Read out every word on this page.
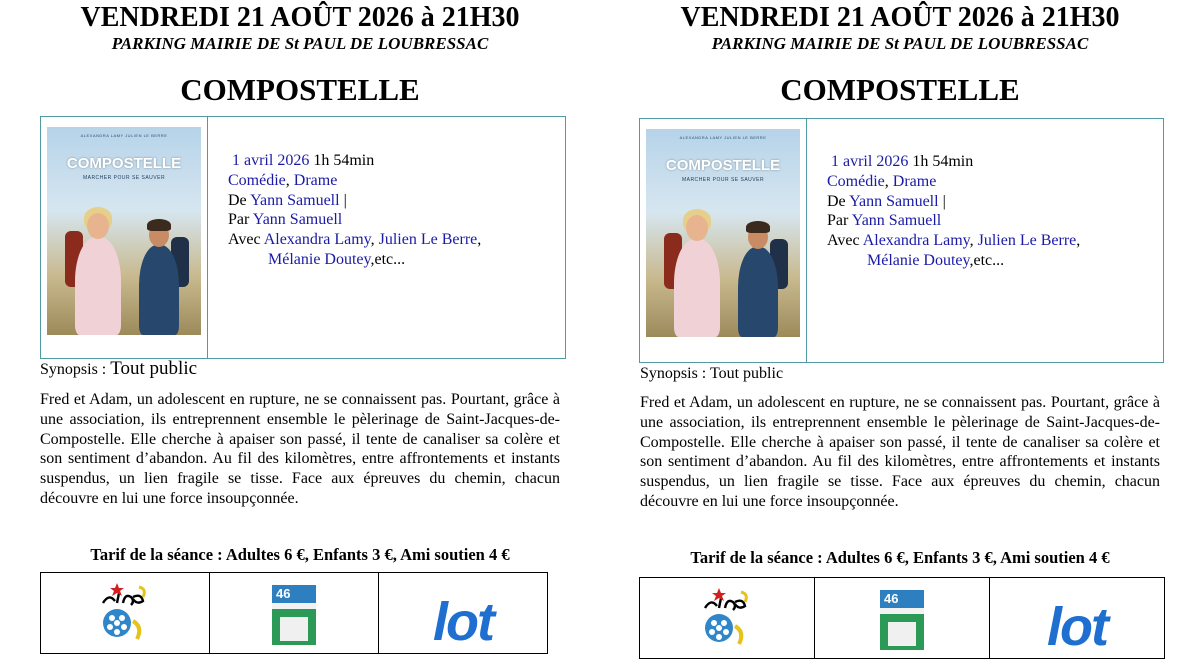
VENDREDI 21 AOÛT 2026 à 21H30
PARKING MAIRIE DE St PAUL DE LOUBRESSAC
COMPOSTELLE
ALEXANDRA LAMY JULIEN LE BERRE
COMPOSTELLE
MARCHER POUR SE SAUVER
1 avril 2026 1h 54min
Comédie, Drame
De Yann Samuell |
Par Yann Samuell
Avec Alexandra Lamy, Julien Le Berre,
Mélanie Doutey,etc...
Synopsis : Tout public
Fred et Adam, un adolescent en rupture, ne se connaissent pas. Pourtant, grâce à une association, ils entreprennent ensemble le pèlerinage de Saint-Jacques-de-Compostelle. Elle cherche à apaiser son passé, il tente de canaliser sa colère et son sentiment d’abandon. Au fil des kilomètres, entre affrontements et instants suspendus, un lien fragile se tisse. Face aux épreuves du chemin, chacun découvre en lui une force insoupçonnée.
Tarif de la séance : Adultes 6 €, Enfants 3 €, Ami soutien 4 €
46	lot
VENDREDI 21 AOÛT 2026 à 21H30
PARKING MAIRIE DE St PAUL DE LOUBRESSAC
COMPOSTELLE
ALEXANDRA LAMY JULIEN LE BERRE
COMPOSTELLE
MARCHER POUR SE SAUVER
1 avril 2026 1h 54min
Comédie, Drame
De Yann Samuell |
Par Yann Samuell
Avec Alexandra Lamy, Julien Le Berre,
Mélanie Doutey,etc...
Synopsis : Tout public
Fred et Adam, un adolescent en rupture, ne se connaissent pas. Pourtant, grâce à une association, ils entreprennent ensemble le pèlerinage de Saint-Jacques-de-Compostelle. Elle cherche à apaiser son passé, il tente de canaliser sa colère et son sentiment d’abandon. Au fil des kilomètres, entre affrontements et instants suspendus, un lien fragile se tisse. Face aux épreuves du chemin, chacun découvre en lui une force insoupçonnée.
Tarif de la séance : Adultes 6 €, Enfants 3 €, Ami soutien 4 €
46	lot
